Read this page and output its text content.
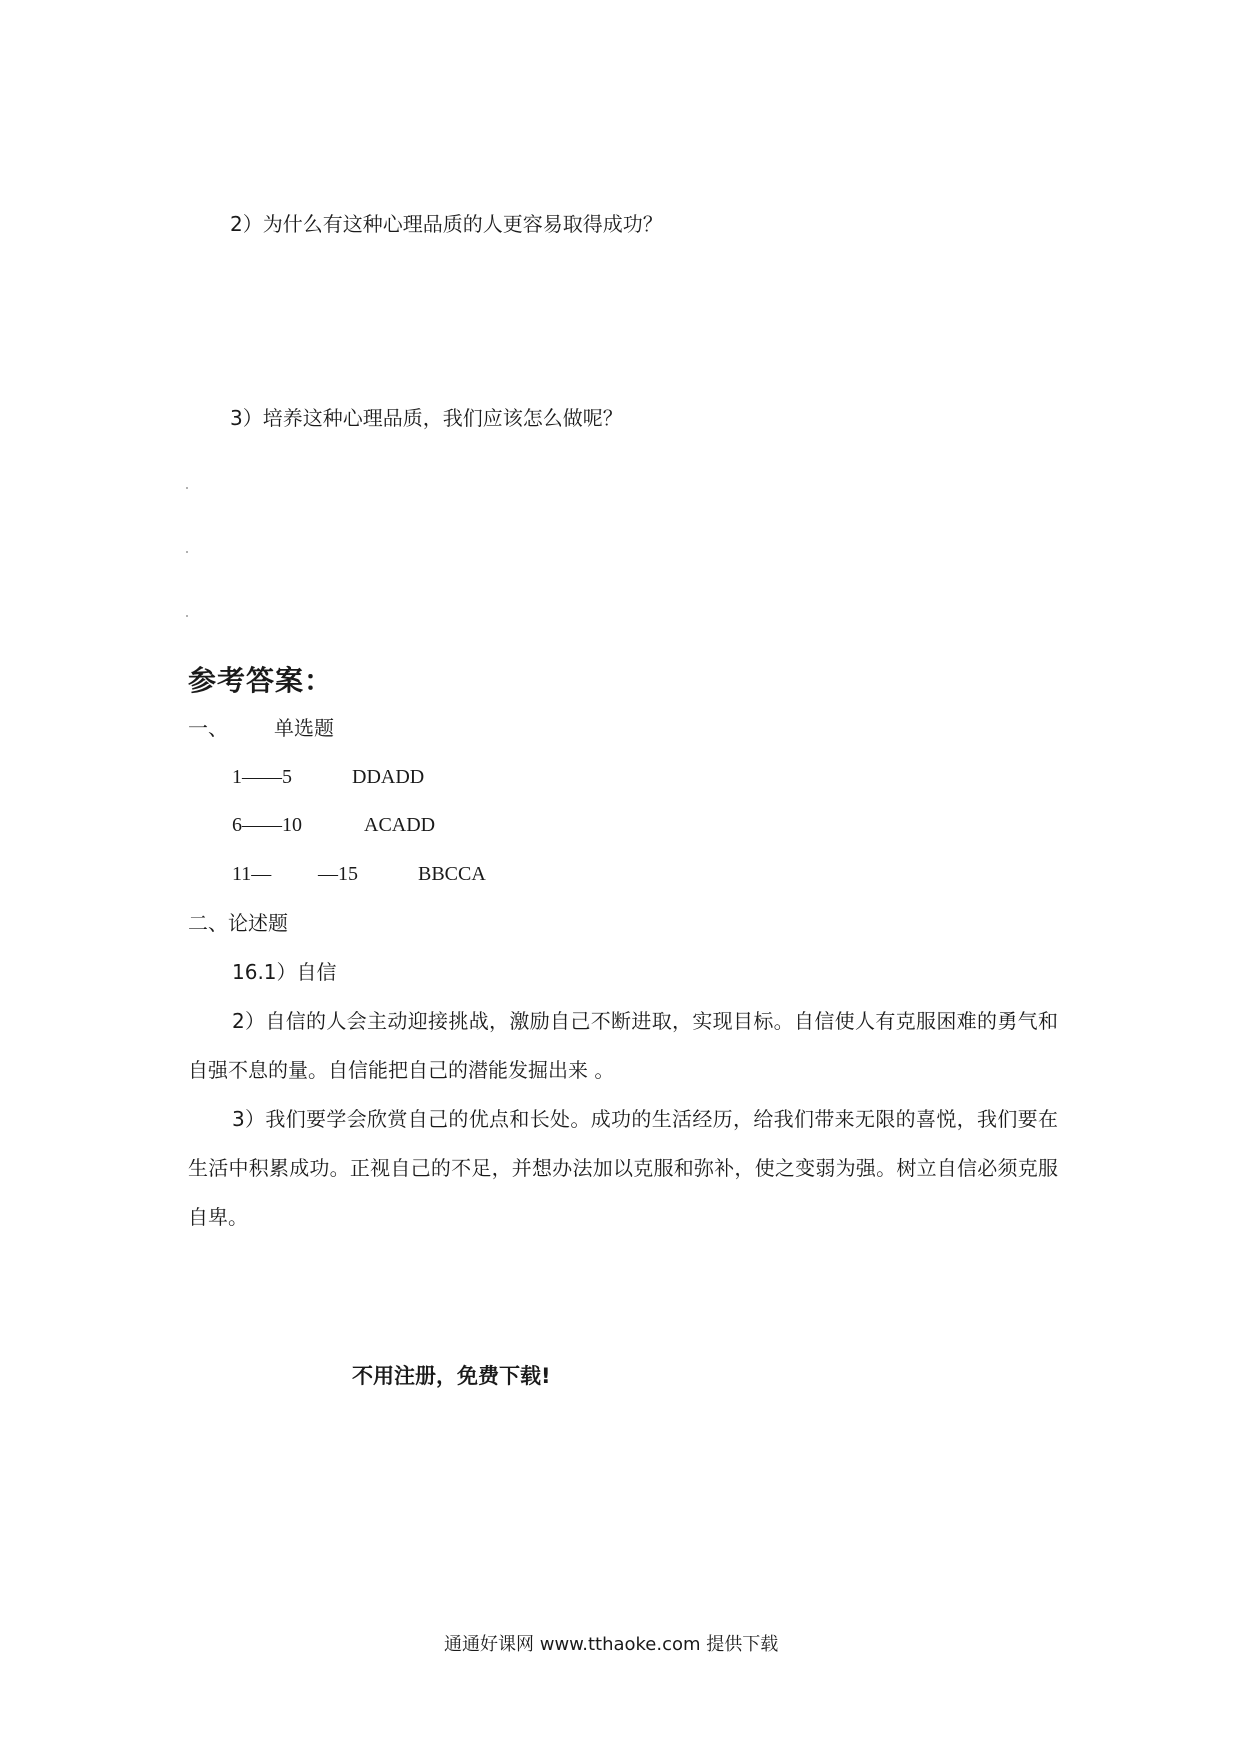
2）为什么有这种心理品质的人更容易取得成功？
3）培养这种心理品质，我们应该怎么做呢？
参考答案：
一、 单选题
1——5	DDADD
6——10	ACADD
11— —15	BBCCA
二、论述题
16.1）自信
2）自信的人会主动迎接挑战，激励自己不断进取，实现目标。自信使人有克服困难的勇气和自强不息的量。自信能把自己的潜能发掘出来 。
3）我们要学会欣赏自己的优点和长处。成功的生活经历，给我们带来无限的喜悦，我们要在生活中积累成功。正视自己的不足，并想办法加以克服和弥补，使之变弱为强。树立自信必须克服自卑。
不用注册，免费下载!
通通好课网 www.tthaoke.com 提供下载
